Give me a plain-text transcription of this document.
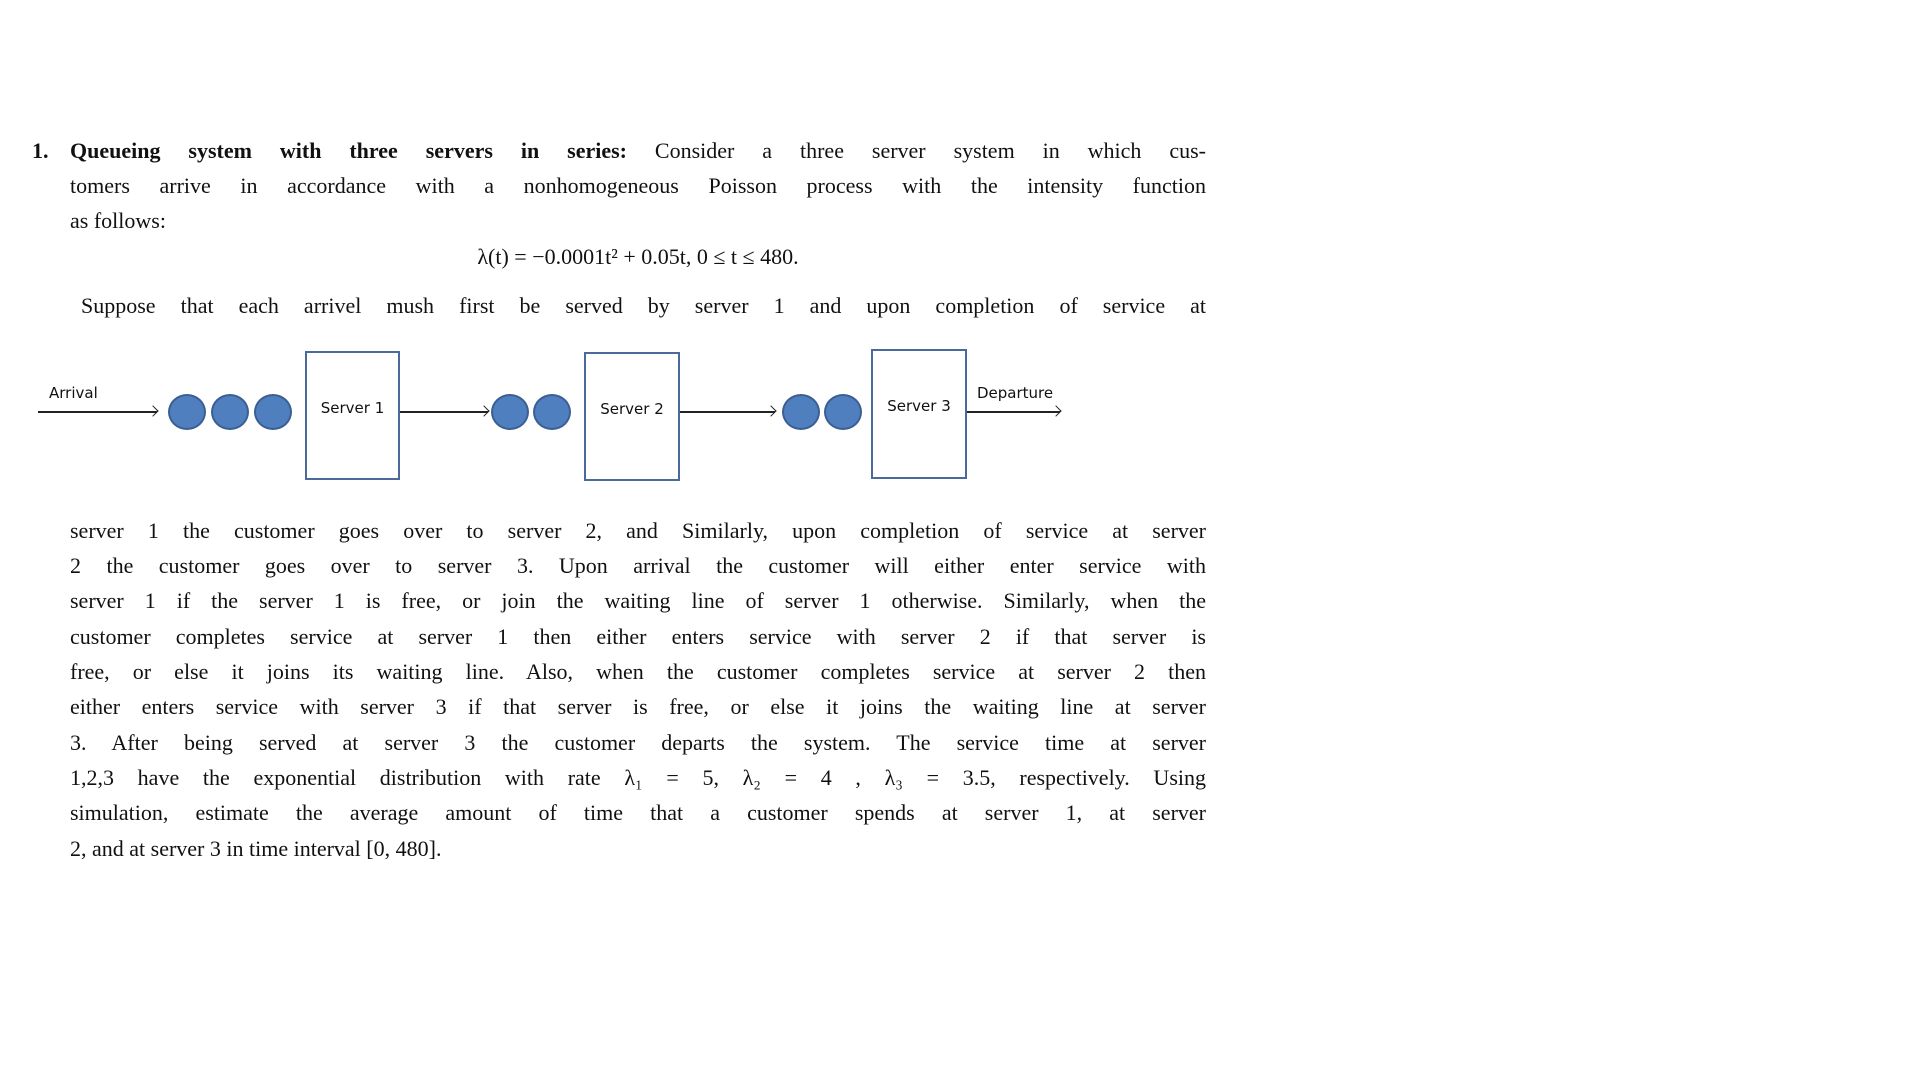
1. Queueing system with three servers in series: Consider a three server system in which cus-
tomers arrive in accordance with a nonhomogeneous Poisson process with the intensity function
as follows:
λ(t) = −0.0001t² + 0.05t, 0 ≤ t ≤ 480.
Suppose that each arrivel mush first be served by server 1 and upon completion of service at
Arrival
Server 1	Server 2	Server 3
Departure
server 1 the customer goes over to server 2, and Similarly, upon completion of service at server
2 the customer goes over to server 3. Upon arrival the customer will either enter service with
server 1 if the server 1 is free, or join the waiting line of server 1 otherwise. Similarly, when the
customer completes service at server 1 then either enters service with server 2 if that server is
free, or else it joins its waiting line. Also, when the customer completes service at server 2 then
either enters service with server 3 if that server is free, or else it joins the waiting line at server
3. After being served at server 3 the customer departs the system. The service time at server
1,2,3 have the exponential distribution with rate λ₁ = 5, λ₂ = 4 , λ₃ = 3.5, respectively. Using
simulation, estimate the average amount of time that a customer spends at server 1, at server
2, and at server 3 in time interval [0, 480].
